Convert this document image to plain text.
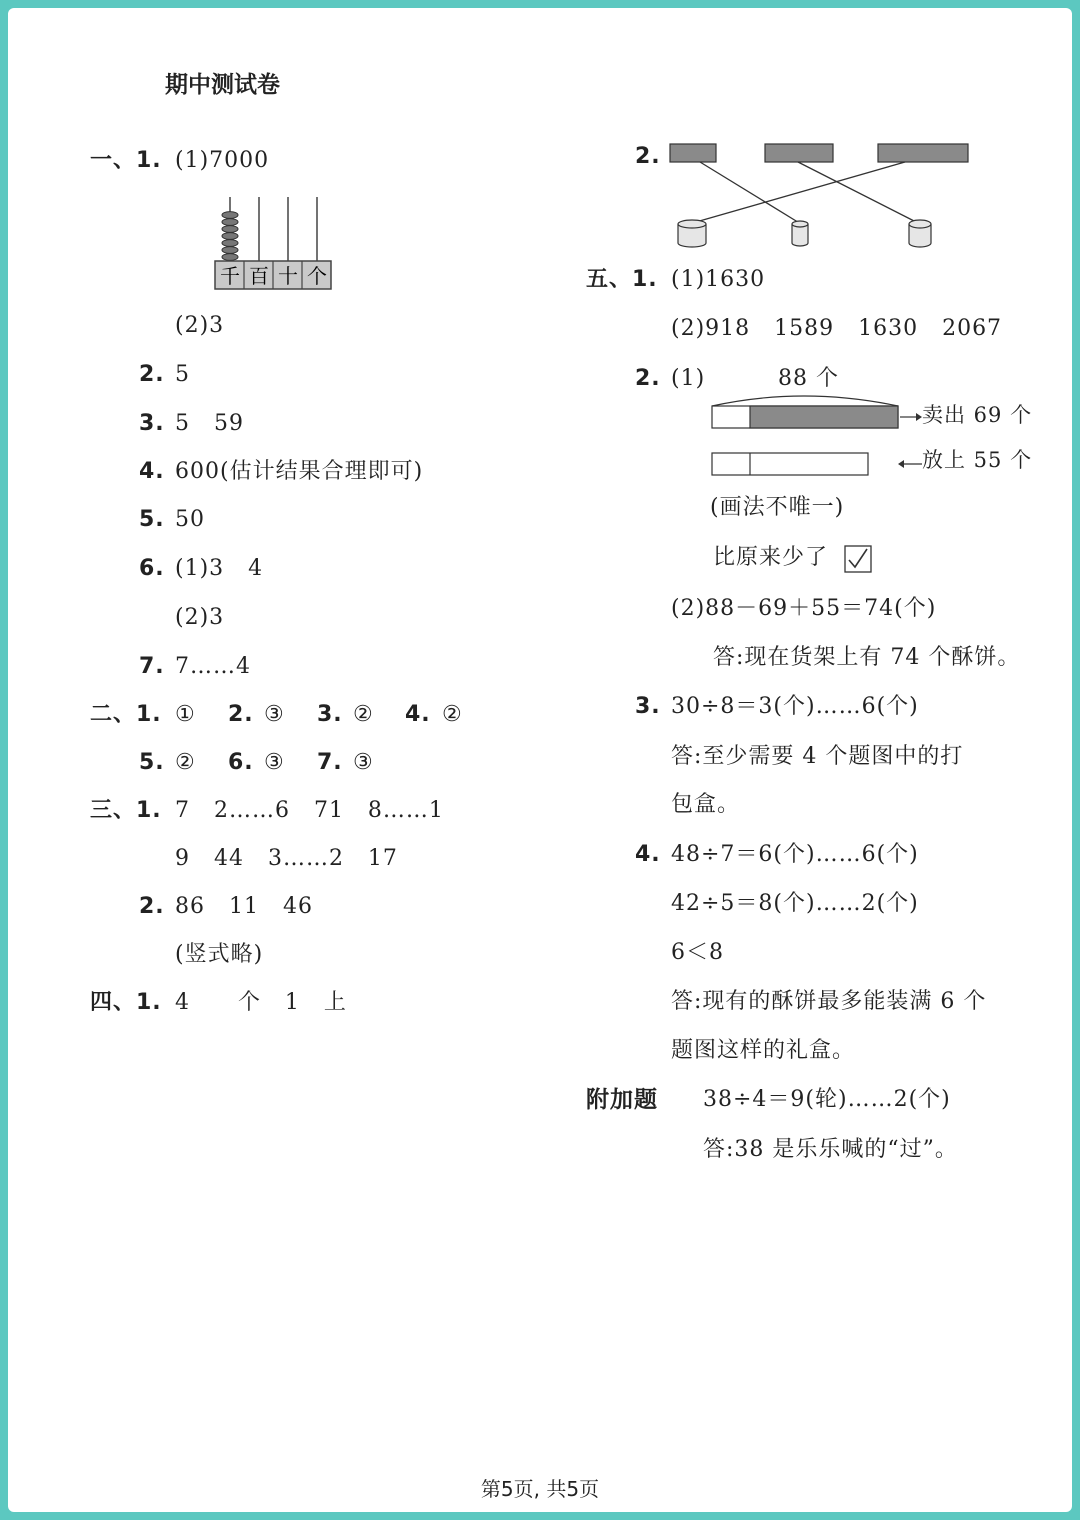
期中测试卷
一、1. (1)7000
千 百 十 个
(2)3
2. 5
3. 5   59
4. 600(估计结果合理即可)
5. 50
6. (1)3   4
(2)3
7. 7……4
二、1. ① 2. ③ 3. ② 4. ②
5. ② 6. ③ 7. ③
三、1. 7   2……6   71   8……1
9   44   3……2   17
2. 86   11   46
(竖式略)
四、1. 4      个   1   上
2.
五、1. (1)1630
(2)918   1589   1630   2067
2. (1)	88 个
卖出 69 个
放上 55 个
(画法不唯一)
比原来少了
(2)88－69＋55＝74(个)
答:现在货架上有 74 个酥饼。
3. 30÷8＝3(个)……6(个)
答:至少需要 4 个题图中的打
包盒。
4. 48÷7＝6(个)……6(个)
42÷5＝8(个)……2(个)
6＜8
答:现有的酥饼最多能装满 6 个
题图这样的礼盒。
附加题 38÷4＝9(轮)……2(个)
答:38 是乐乐喊的“过”。
第5页, 共5页
